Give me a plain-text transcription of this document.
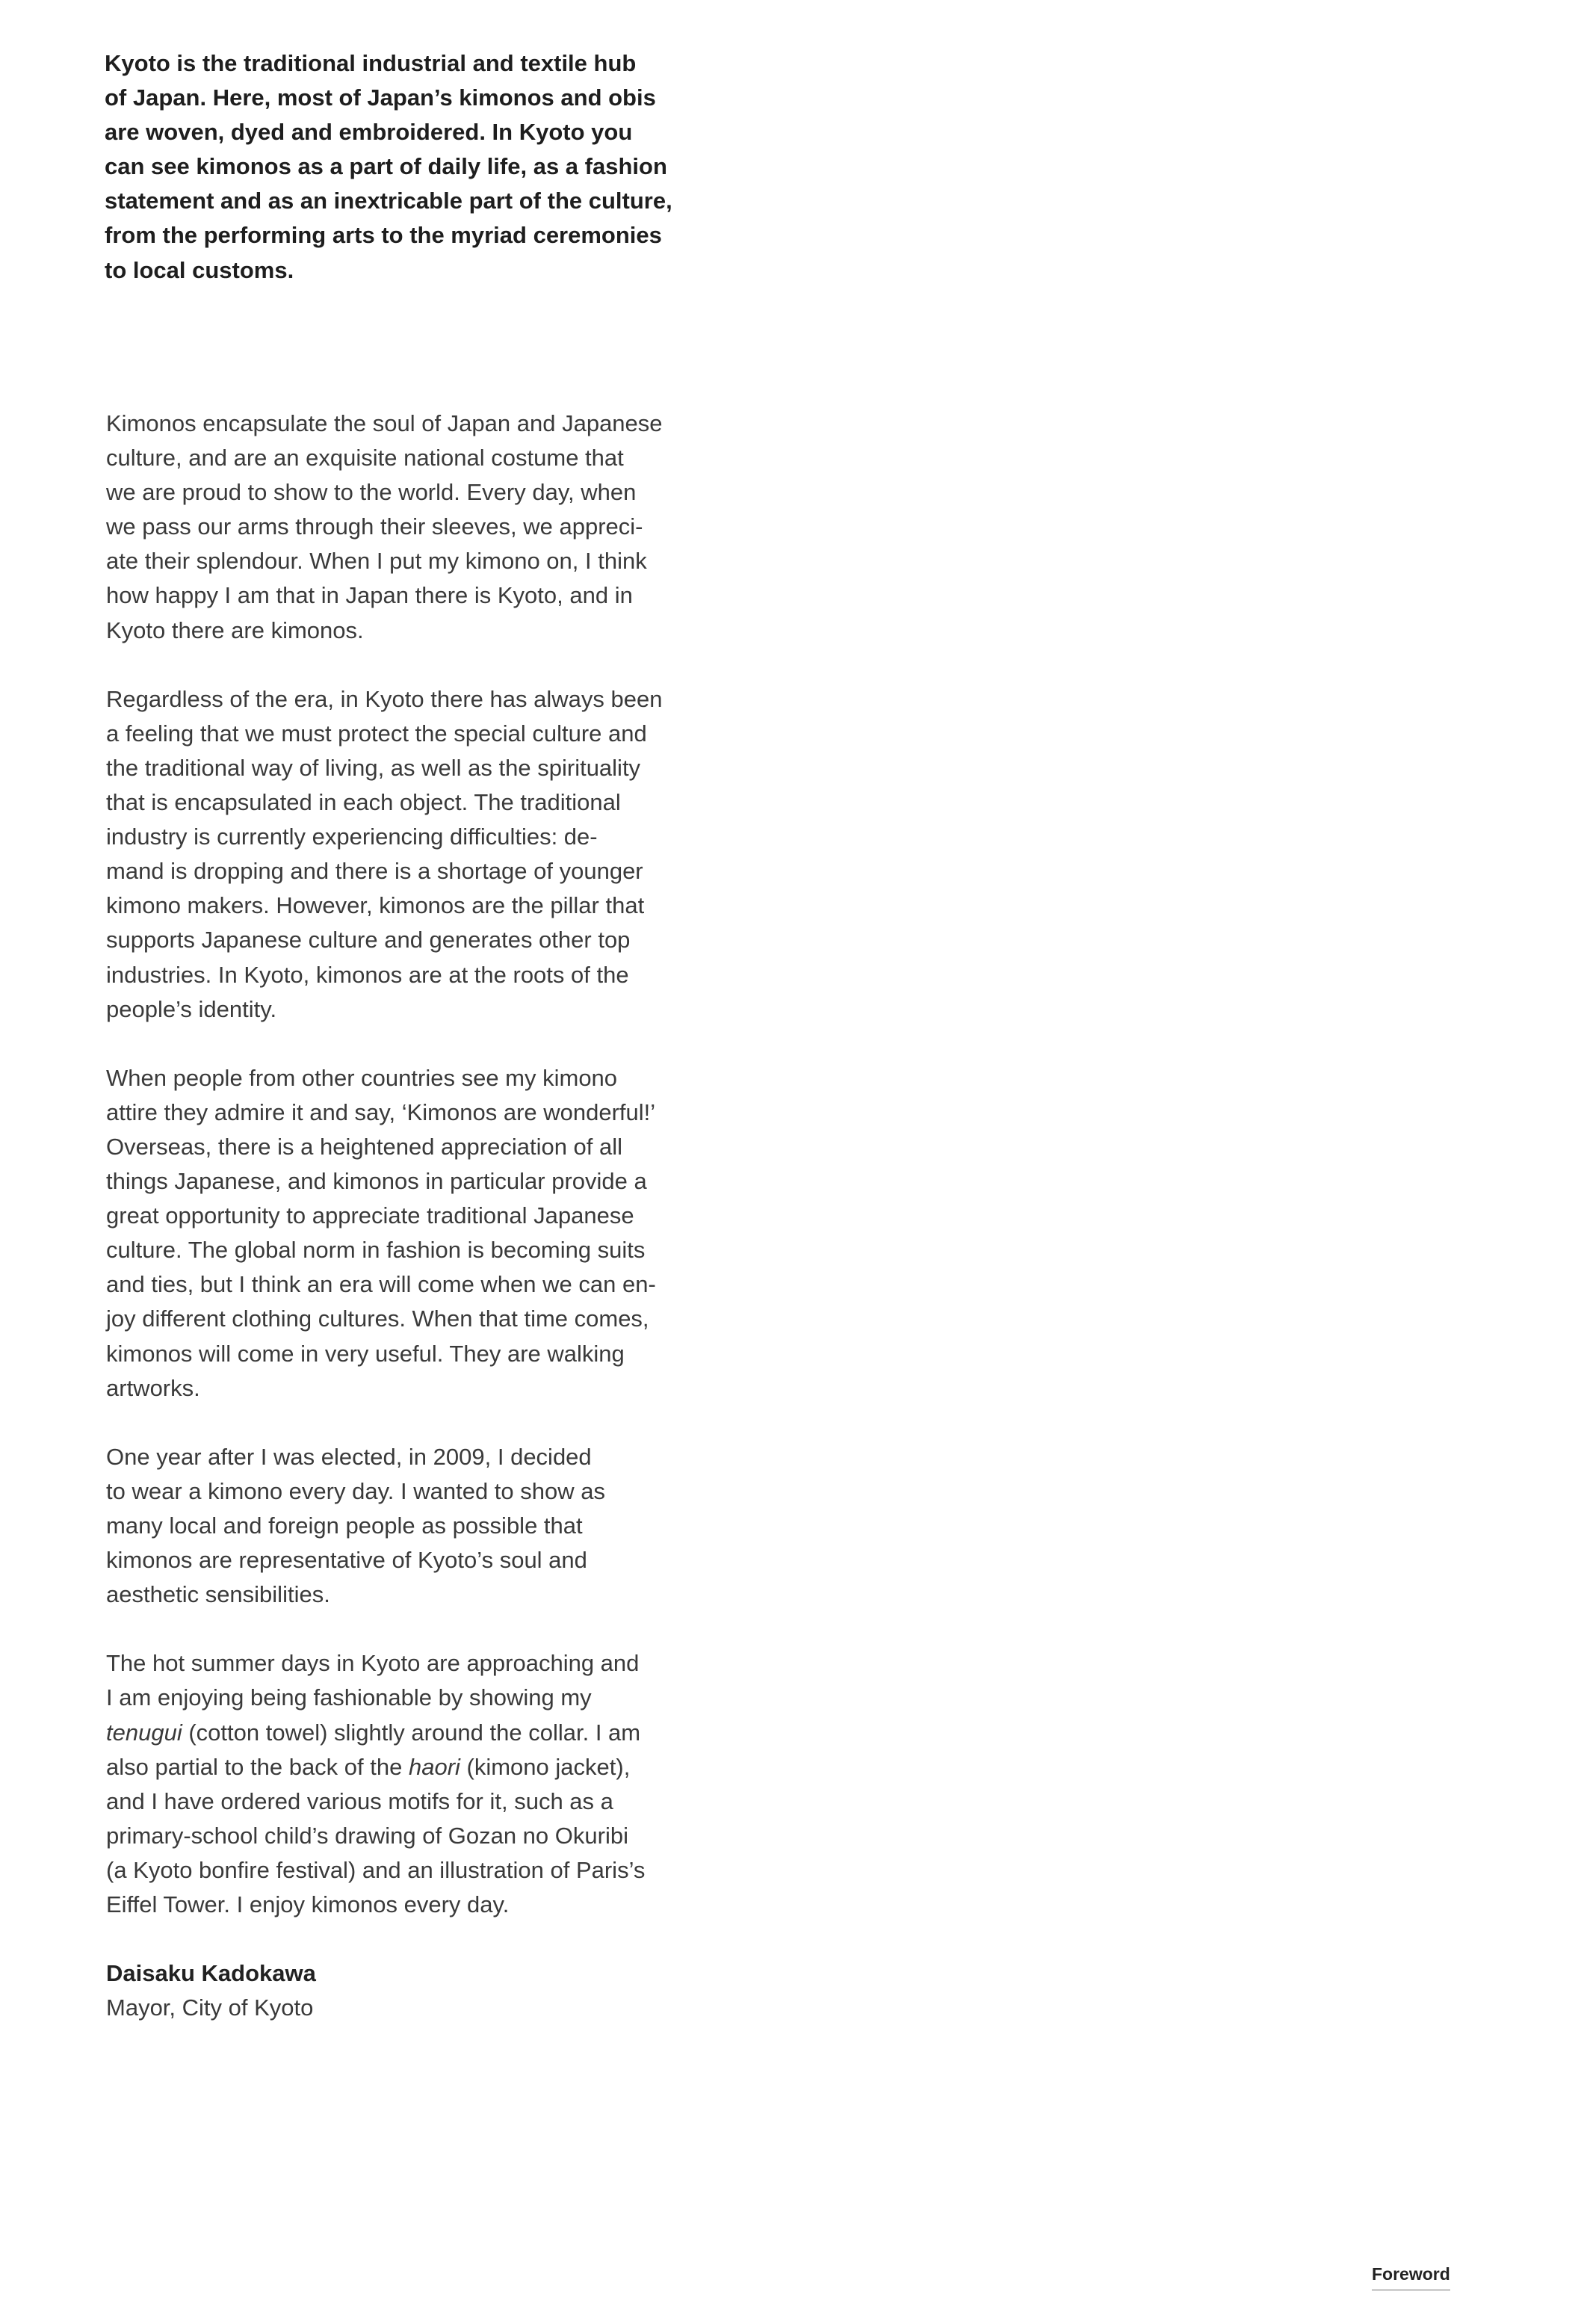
Kyoto is the traditional industrial and textile hub
of Japan. Here, most of Japan’s kimonos and obis
are woven, dyed and embroidered. In Kyoto you
can see kimonos as a part of daily life, as a fashion
statement and as an inextricable part of the culture,
from the performing arts to the myriad ceremonies
to local customs.
Kimonos encapsulate the soul of Japan and Japanese
culture, and are an exquisite national costume that
we are proud to show to the world. Every day, when
we pass our arms through their sleeves, we appreci-
ate their splendour. When I put my kimono on, I think
how happy I am that in Japan there is Kyoto, and in
Kyoto there are kimonos.
Regardless of the era, in Kyoto there has always been
a feeling that we must protect the special culture and
the traditional way of living, as well as the spirituality
that is encapsulated in each object. The traditional
industry is currently experiencing difficulties: de-
mand is dropping and there is a shortage of younger
kimono makers. However, kimonos are the pillar that
supports Japanese culture and generates other top
industries. In Kyoto, kimonos are at the roots of the
people’s identity.
When people from other countries see my kimono
attire they admire it and say, ‘Kimonos are wonderful!’
Overseas, there is a heightened appreciation of all
things Japanese, and kimonos in particular provide a
great opportunity to appreciate traditional Japanese
culture. The global norm in fashion is becoming suits
and ties, but I think an era will come when we can en-
joy different clothing cultures. When that time comes,
kimonos will come in very useful. They are walking
artworks.
One year after I was elected, in 2009, I decided
to wear a kimono every day. I wanted to show as
many local and foreign people as possible that
kimonos are representative of Kyoto’s soul and
aesthetic sensibilities.
The hot summer days in Kyoto are approaching and
I am enjoying being fashionable by showing my
tenugui (cotton towel) slightly around the collar. I am
also partial to the back of the haori (kimono jacket),
and I have ordered various motifs for it, such as a
primary-school child’s drawing of Gozan no Okuribi
(a Kyoto bonfire festival) and an illustration of Paris’s
Eiffel Tower. I enjoy kimonos every day.
Daisaku Kadokawa
Mayor, City of Kyoto
Foreword
